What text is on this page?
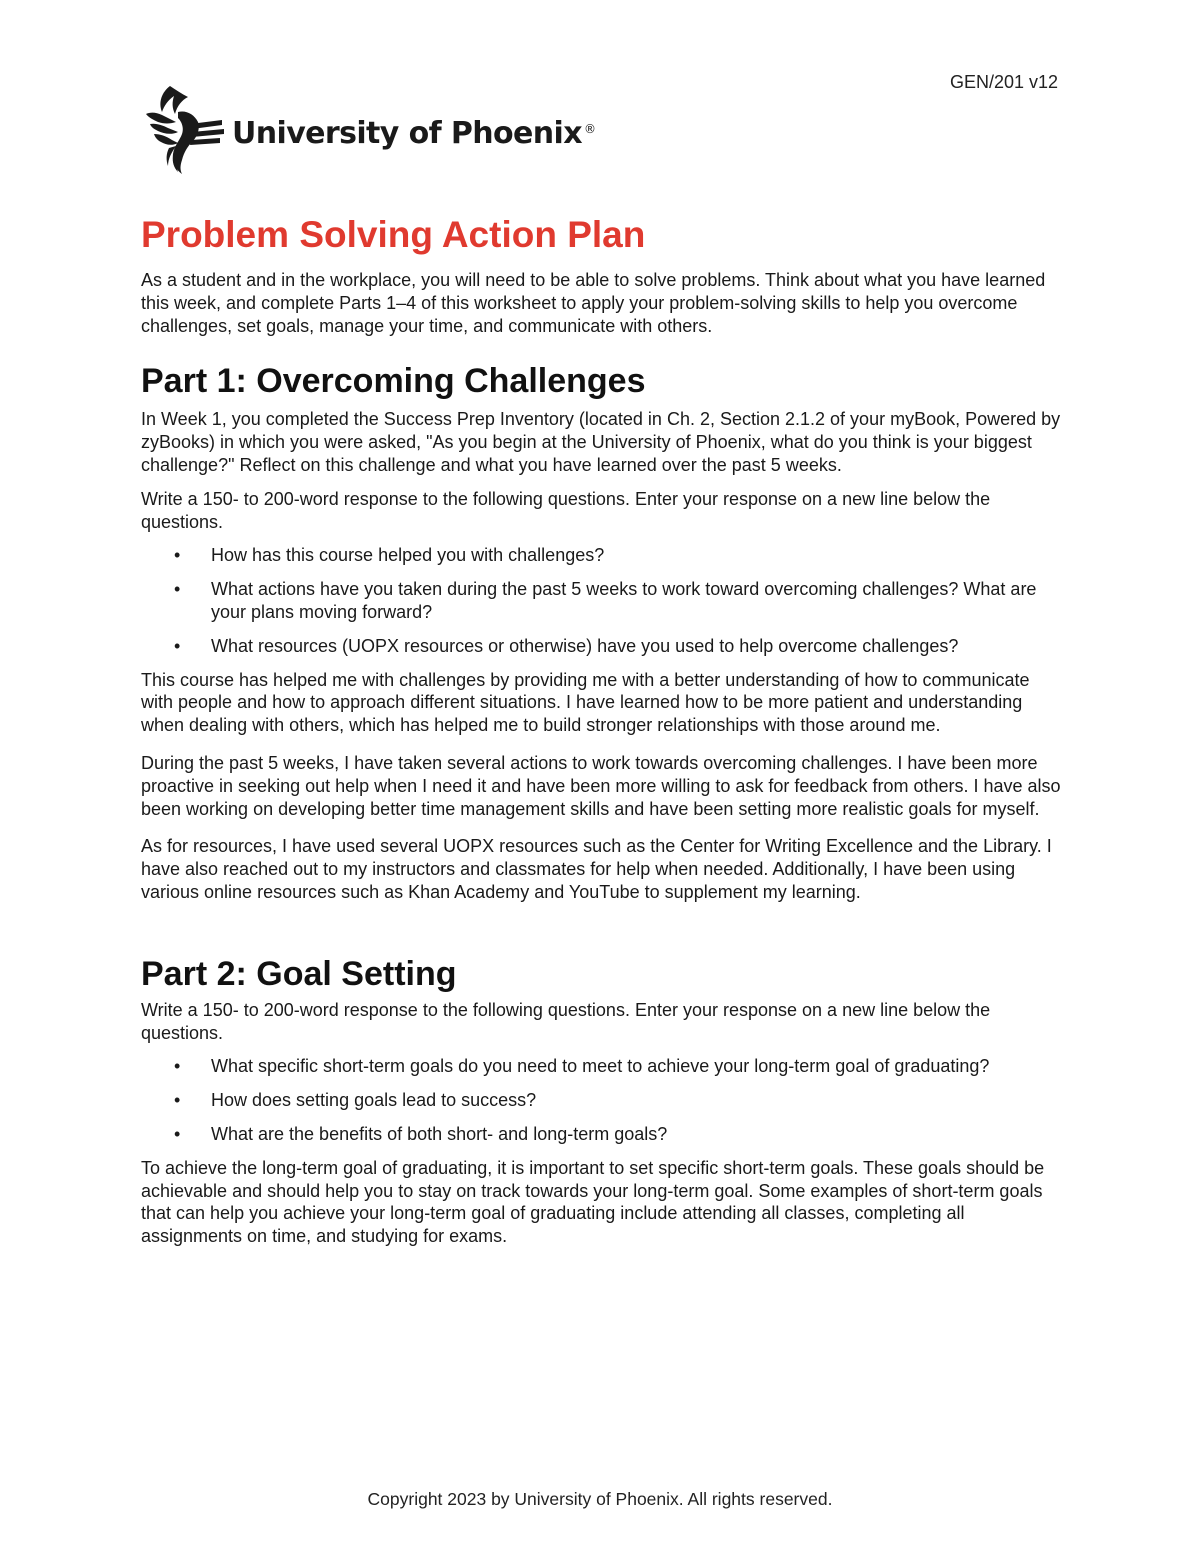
GEN/201 v12
University of Phoenix ®
Problem Solving Action Plan

As a student and in the workplace, you will need to be able to solve problems. Think about what you have learned this week, and complete Parts 1–4 of this worksheet to apply your problem-solving skills to help you overcome challenges, set goals, manage your time, and communicate with others.

Part 1: Overcoming Challenges

In Week 1, you completed the Success Prep Inventory (located in Ch. 2, Section 2.1.2 of your myBook, Powered by zyBooks) in which you were asked, "As you begin at the University of Phoenix, what do you think is your biggest challenge?" Reflect on this challenge and what you have learned over the past 5 weeks.

Write a 150- to 200-word response to the following questions. Enter your response on a new line below the questions.

• How has this course helped you with challenges?
• What actions have you taken during the past 5 weeks to work toward overcoming challenges? What are your plans moving forward?
• What resources (UOPX resources or otherwise) have you used to help overcome challenges?

This course has helped me with challenges by providing me with a better understanding of how to communicate with people and how to approach different situations. I have learned how to be more patient and understanding when dealing with others, which has helped me to build stronger relationships with those around me.

During the past 5 weeks, I have taken several actions to work towards overcoming challenges. I have been more proactive in seeking out help when I need it and have been more willing to ask for feedback from others. I have also been working on developing better time management skills and have been setting more realistic goals for myself.

As for resources, I have used several UOPX resources such as the Center for Writing Excellence and the Library. I have also reached out to my instructors and classmates for help when needed. Additionally, I have been using various online resources such as Khan Academy and YouTube to supplement my learning.

Part 2: Goal Setting

Write a 150- to 200-word response to the following questions. Enter your response on a new line below the questions.

• What specific short-term goals do you need to meet to achieve your long-term goal of graduating?
• How does setting goals lead to success?
• What are the benefits of both short- and long-term goals?

To achieve the long-term goal of graduating, it is important to set specific short-term goals. These goals should be achievable and should help you to stay on track towards your long-term goal. Some examples of short-term goals that can help you achieve your long-term goal of graduating include attending all classes, completing all assignments on time, and studying for exams.

Copyright 2023 by University of Phoenix. All rights reserved.
